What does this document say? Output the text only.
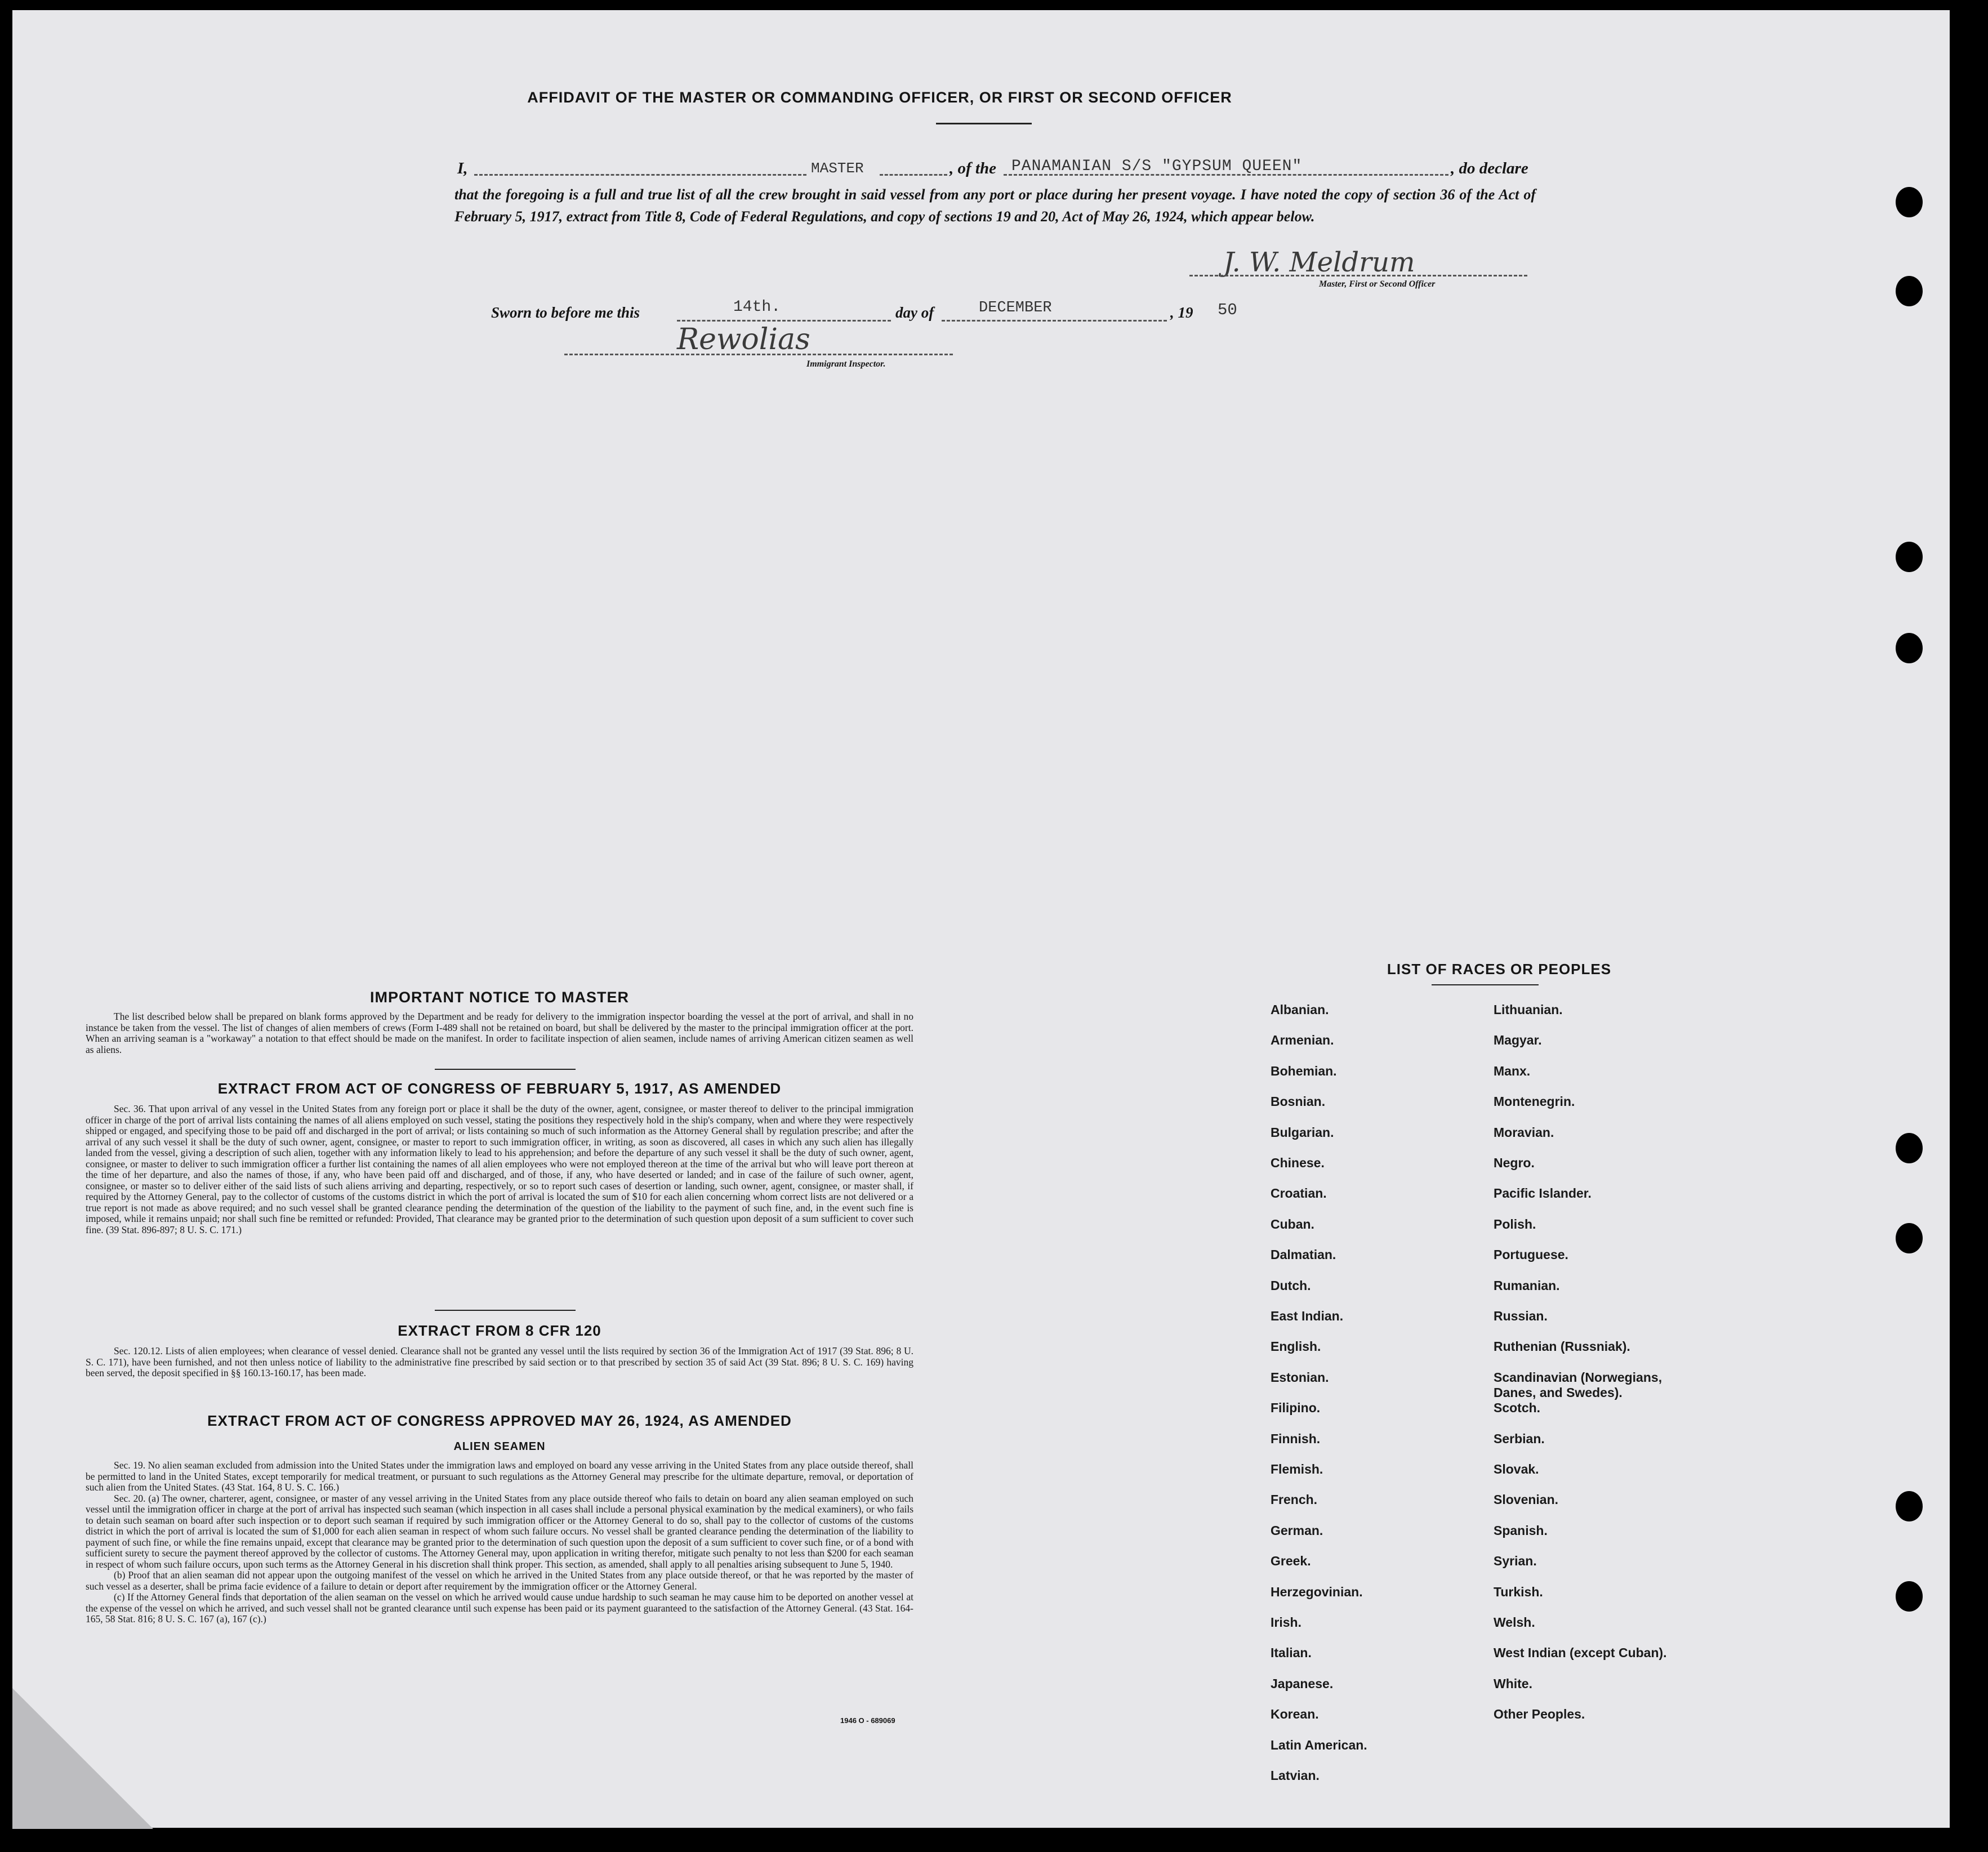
AFFIDAVIT OF THE MASTER OR COMMANDING OFFICER, OR FIRST OR SECOND OFFICER
I,	MASTER	, of the PANAMANIAN S/S "GYPSUM QUEEN"	, do declare
that the foregoing is a full and true list of all the crew brought in said vessel from any port or place during her present voyage. I have noted the copy of section 36 of the Act of February 5, 1917, extract from Title 8, Code of Federal Regulations, and copy of sections 19 and 20, Act of May 26, 1924, which appear below.
J. W. Meldrum
Master, First or Second Officer
Sworn to before me this	14th.	day of	DECEMBER	, 19 50
Rewolias
Immigrant Inspector.
IMPORTANT NOTICE TO MASTER

The list described below shall be prepared on blank forms approved by the Department and be ready for delivery to the immigration inspector boarding the vessel at the port of arrival, and shall in no instance be taken from the vessel. The list of changes of alien members of crews (Form I-489 shall not be retained on board, but shall be delivered by the master to the principal immigration officer at the port. When an arriving seaman is a "workaway" a notation to that effect should be made on the manifest. In order to facilitate inspection of alien seamen, include names of arriving American citizen seamen as well as aliens.

EXTRACT FROM ACT OF CONGRESS OF FEBRUARY 5, 1917, AS AMENDED

Sec. 36. That upon arrival of any vessel in the United States from any foreign port or place it shall be the duty of the owner, agent, consignee, or master thereof to deliver to the principal immigration officer in charge of the port of arrival lists containing the names of all aliens employed on such vessel, stating the positions they respectively hold in the ship's company, when and where they were respectively shipped or engaged, and specifying those to be paid off and discharged in the port of arrival; or lists containing so much of such information as the Attorney General shall by regulation prescribe; and after the arrival of any such vessel it shall be the duty of such owner, agent, consignee, or master to report to such immigration officer, in writing, as soon as discovered, all cases in which any such alien has illegally landed from the vessel, giving a description of such alien, together with any information likely to lead to his apprehension; and before the departure of any such vessel it shall be the duty of such owner, agent, consignee, or master to deliver to such immigration officer a further list containing the names of all alien employees who were not employed thereon at the time of the arrival but who will leave port thereon at the time of her departure, and also the names of those, if any, who have been paid off and discharged, and of those, if any, who have deserted or landed; and in case of the failure of such owner, agent, consignee, or master so to deliver either of the said lists of such aliens arriving and departing, respectively, or so to report such cases of desertion or landing, such owner, agent, consignee, or master shall, if required by the Attorney General, pay to the collector of customs of the customs district in which the port of arrival is located the sum of $10 for each alien concerning whom correct lists are not delivered or a true report is not made as above required; and no such vessel shall be granted clearance pending the determination of the question of the liability to the payment of such fine, and, in the event such fine is imposed, while it remains unpaid; nor shall such fine be remitted or refunded: Provided, That clearance may be granted prior to the determination of such question upon deposit of a sum sufficient to cover such fine. (39 Stat. 896-897; 8 U. S. C. 171.)

EXTRACT FROM 8 CFR 120

Sec. 120.12. Lists of alien employees; when clearance of vessel denied. Clearance shall not be granted any vessel until the lists required by section 36 of the Immigration Act of 1917 (39 Stat. 896; 8 U. S. C. 171), have been furnished, and not then unless notice of liability to the administrative fine prescribed by said section or to that prescribed by section 35 of said Act (39 Stat. 896; 8 U. S. C. 169) having been served, the deposit specified in §§ 160.13-160.17, has been made.

EXTRACT FROM ACT OF CONGRESS APPROVED MAY 26, 1924, AS AMENDED
ALIEN SEAMEN

Sec. 19. No alien seaman excluded from admission into the United States under the immigration laws and employed on board any vesse arriving in the United States from any place outside thereof, shall be permitted to land in the United States, except temporarily for medical treatment, or pursuant to such regulations as the Attorney General may prescribe for the ultimate departure, removal, or deportation of such alien from the United States. (43 Stat. 164, 8 U. S. C. 166.)

Sec. 20. (a) The owner, charterer, agent, consignee, or master of any vessel arriving in the United States from any place outside thereof who fails to detain on board any alien seaman employed on such vessel until the immigration officer in charge at the port of arrival has inspected such seaman (which inspection in all cases shall include a personal physical examination by the medical examiners), or who fails to detain such seaman on board after such inspection or to deport such seaman if required by such immigration officer or the Attorney General to do so, shall pay to the collector of customs of the customs district in which the port of arrival is located the sum of $1,000 for each alien seaman in respect of whom such failure occurs. No vessel shall be granted clearance pending the determination of the liability to payment of such fine, or while the fine remains unpaid, except that clearance may be granted prior to the determination of such question upon the deposit of a sum sufficient to cover such fine, or of a bond with sufficient surety to secure the payment thereof approved by the collector of customs. The Attorney General may, upon application in writing therefor, mitigate such penalty to not less than $200 for each seaman in respect of whom such failure occurs, upon such terms as the Attorney General in his discretion shall think proper. This section, as amended, shall apply to all penalties arising subsequent to June 5, 1940.

(b) Proof that an alien seaman did not appear upon the outgoing manifest of the vessel on which he arrived in the United States from any place outside thereof, or that he was reported by the master of such vessel as a deserter, shall be prima facie evidence of a failure to detain or deport after requirement by the immigration officer or the Attorney General.

(c) If the Attorney General finds that deportation of the alien seaman on the vessel on which he arrived would cause undue hardship to such seaman he may cause him to be deported on another vessel at the expense of the vessel on which he arrived, and such vessel shall not be granted clearance until such expense has been paid or its payment guaranteed to the satisfaction of the Attorney General. (43 Stat. 164-165, 58 Stat. 816; 8 U. S. C. 167 (a), 167 (c).)

1946 O - 689069
LIST OF RACES OR PEOPLES
Albanian.
Armenian.
Bohemian.
Bosnian.
Bulgarian.
Chinese.
Croatian.
Cuban.
Dalmatian.
Dutch.
East Indian.
English.
Estonian.
Filipino.
Finnish.
Flemish.
French.
German.
Greek.
Herzegovinian.
Irish.
Italian.
Japanese.
Korean.
Latin American.
Latvian.
Lithuanian.
Magyar.
Manx.
Montenegrin.
Moravian.
Negro.
Pacific Islander.
Polish.
Portuguese.
Rumanian.
Russian.
Ruthenian (Russniak).
Scandinavian (Norwegians,
Danes, and Swedes).
Scotch.
Serbian.
Slovak.
Slovenian.
Spanish.
Syrian.
Turkish.
Welsh.
West Indian (except Cuban).
White.
Other Peoples.
